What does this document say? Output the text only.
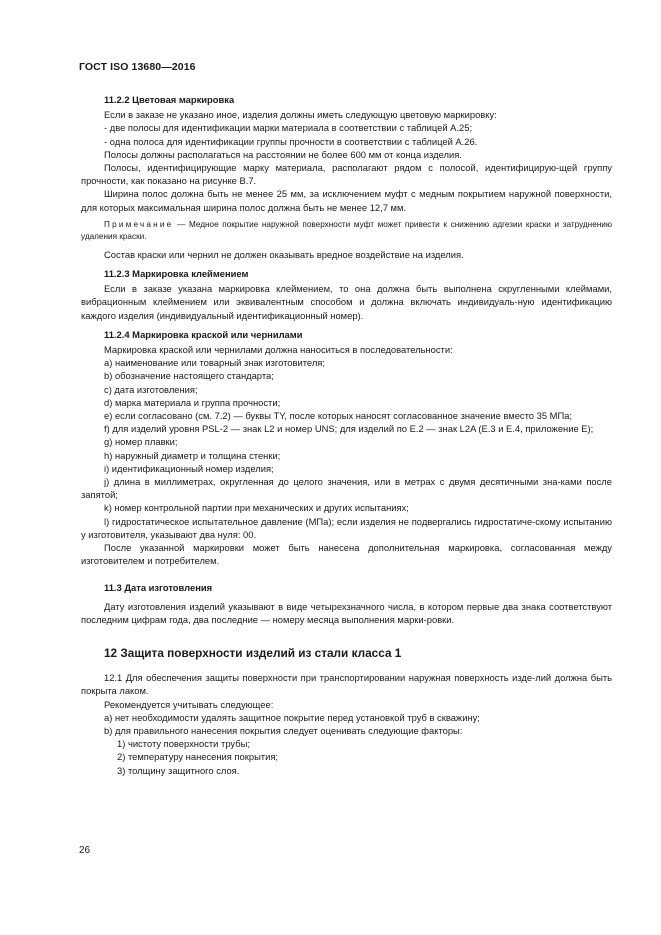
ГОСТ ISO 13680—2016

11.2.2 Цветовая маркировка

Если в заказе не указано иное, изделия должны иметь следующую цветовую маркировку:

- две полосы для идентификации марки материала в соответствии с таблицей А.25;

- одна полоса для идентификации группы прочности в соответствии с таблицей А.26.

Полосы должны располагаться на расстоянии не более 600 мм от конца изделия.

Полосы, идентифицирующие марку материала, располагают рядом с полосой, идентифицирую-щей группу прочности, как показано на рисунке В.7.

Ширина полос должна быть не менее 25 мм, за исключением муфт с медным покрытием наружной поверхности, для которых максимальная ширина полос должна быть не менее 12,7 мм.

Примечание — Медное покрытие наружной поверхности муфт может привести к снижению адгезии краски и затруднению удаления краски.

Состав краски или чернил не должен оказывать вредное воздействие на изделия.

11.2.3 Маркировка клеймением

Если в заказе указана маркировка клеймением, то она должна быть выполнена скругленными клеймами, вибрационным клеймением или эквивалентным способом и должна включать индивидуаль-ную идентификацию каждого изделия (индивидуальный идентификационный номер).

11.2.4 Маркировка краской или чернилами

Маркировка краской или чернилами должна наноситься в последовательности:

а) наименование или товарный знак изготовителя;

b) обозначение настоящего стандарта;

с) дата изготовления;

d) марка материала и группа прочности;

е) если согласовано (см. 7.2) — буквы TY, после которых наносят согласованное значение вместо 35 МПа;

f) для изделий уровня PSL-2 — знак L2 и номер UNS; для изделий по Е.2 — знак L2A (Е.3 и Е.4, приложение Е);

g) номер плавки;

h) наружный диаметр и толщина стенки;

i) идентификационный номер изделия;

j) длина в миллиметрах, округленная до целого значения, или в метрах с двумя десятичными зна-ками после запятой;

k) номер контрольной партии при механических и других испытаниях;

l) гидростатическое испытательное давление (МПа); если изделия не подвергались гидростатиче-скому испытанию у изготовителя, указывают два нуля: 00.

После указанной маркировки может быть нанесена дополнительная маркировка, согласованная между изготовителем и потребителем.

11.3 Дата изготовления

Дату изготовления изделий указывают в виде четырехзначного числа, в котором первые два знака соответствуют последним цифрам года, два последние — номеру месяца выполнения марки-ровки.

12 Защита поверхности изделий из стали класса 1

12.1 Для обеспечения защиты поверхности при транспортировании наружная поверхность изде-лий должна быть покрыта лаком.

Рекомендуется учитывать следующее:

а) нет необходимости удалять защитное покрытие перед установкой труб в скважину;

b) для правильного нанесения покрытия следует оценивать следующие факторы:

1) чистоту поверхности трубы;

2) температуру нанесения покрытия;

3) толщину защитного слоя.

26
